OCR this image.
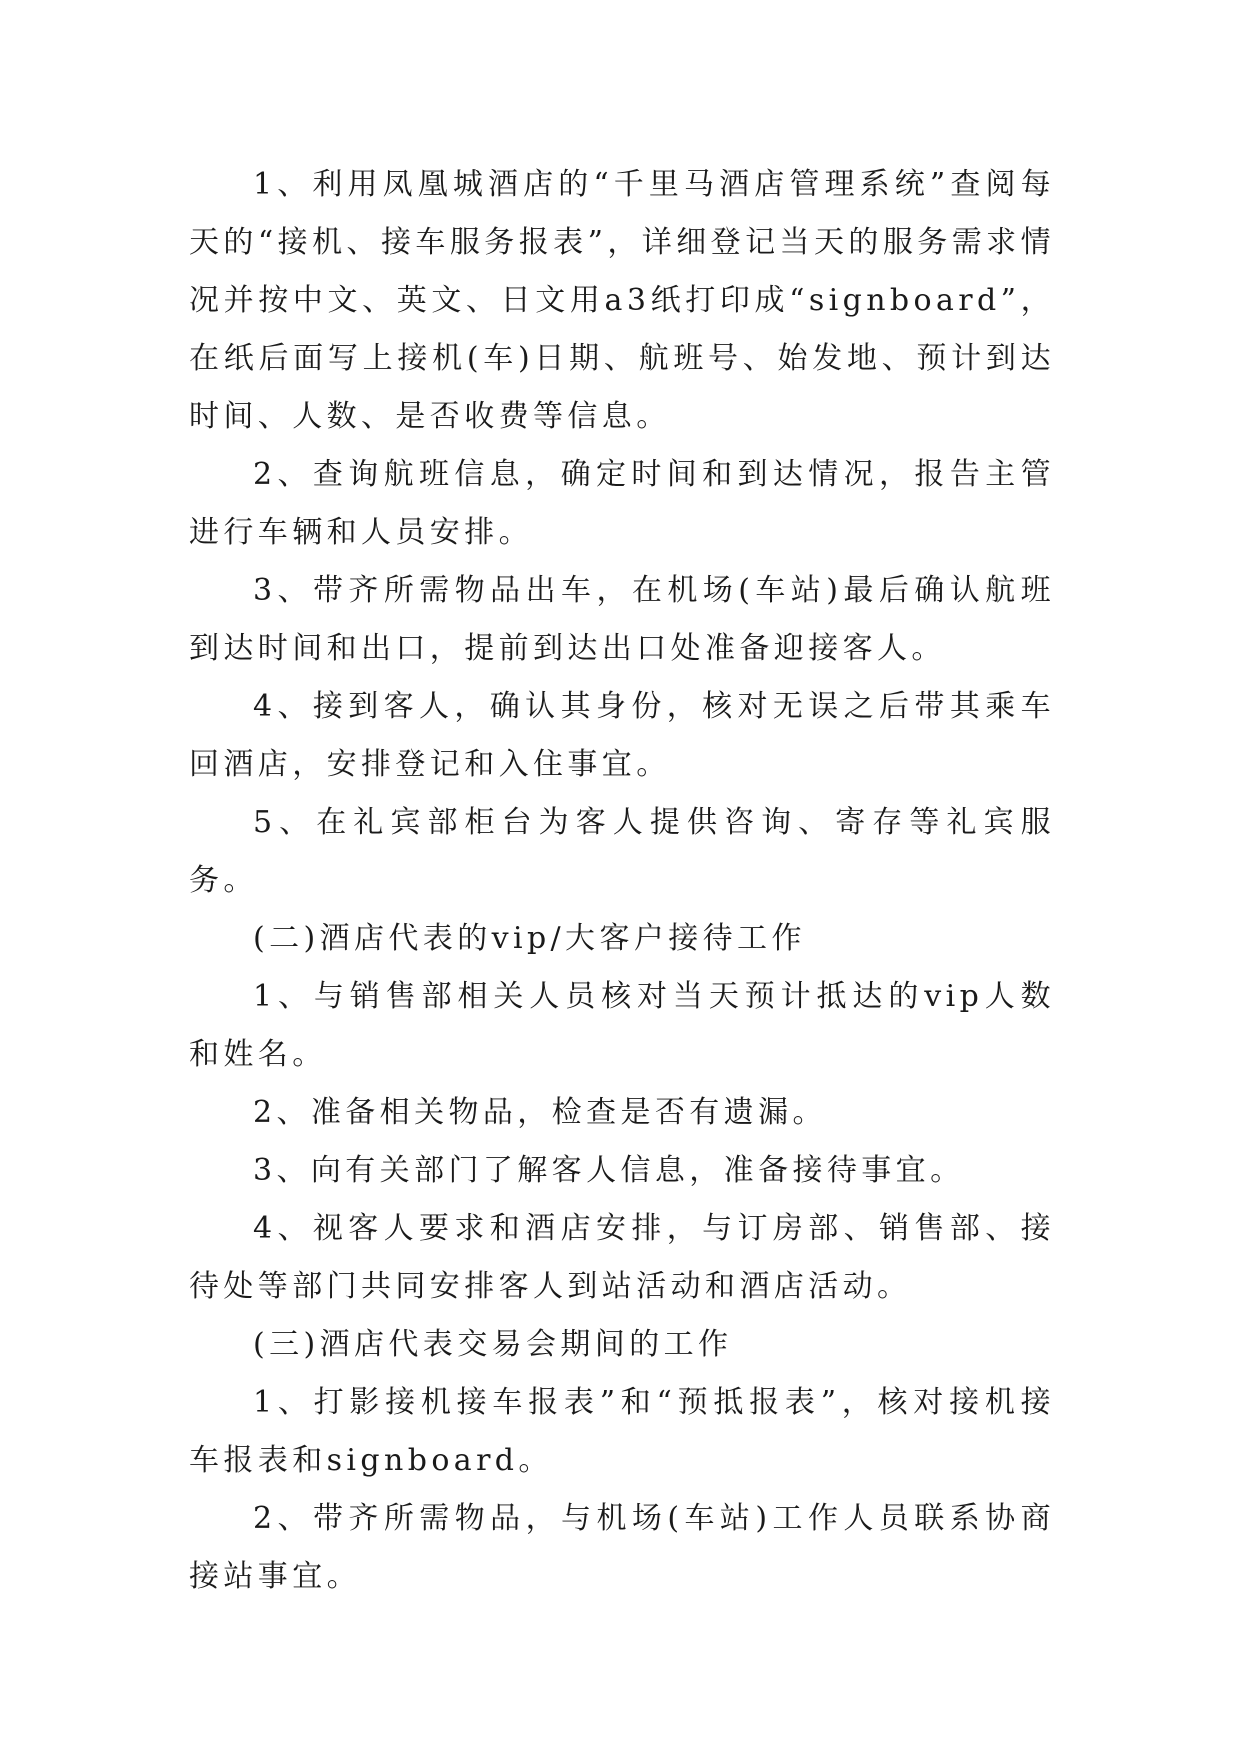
1、利用凤凰城酒店的“千里马酒店管理系统”查阅每天的“接机、接车服务报表”，详细登记当天的服务需求情况并按中文、英文、日文用a3纸打印成“signboard”，在纸后面写上接机(车)日期、航班号、始发地、预计到达时间、人数、是否收费等信息。

2、查询航班信息，确定时间和到达情况，报告主管进行车辆和人员安排。

3、带齐所需物品出车，在机场(车站)最后确认航班到达时间和出口，提前到达出口处准备迎接客人。

4、接到客人，确认其身份，核对无误之后带其乘车回酒店，安排登记和入住事宜。

5、在礼宾部柜台为客人提供咨询、寄存等礼宾服务。

(二)酒店代表的vip/大客户接待工作

1、与销售部相关人员核对当天预计抵达的vip人数和姓名。

2、准备相关物品，检查是否有遗漏。

3、向有关部门了解客人信息，准备接待事宜。

4、视客人要求和酒店安排，与订房部、销售部、接待处等部门共同安排客人到站活动和酒店活动。

(三)酒店代表交易会期间的工作

1、打影接机接车报表”和“预抵报表”，核对接机接车报表和signboard。

2、带齐所需物品，与机场(车站)工作人员联系协商接站事宜。
